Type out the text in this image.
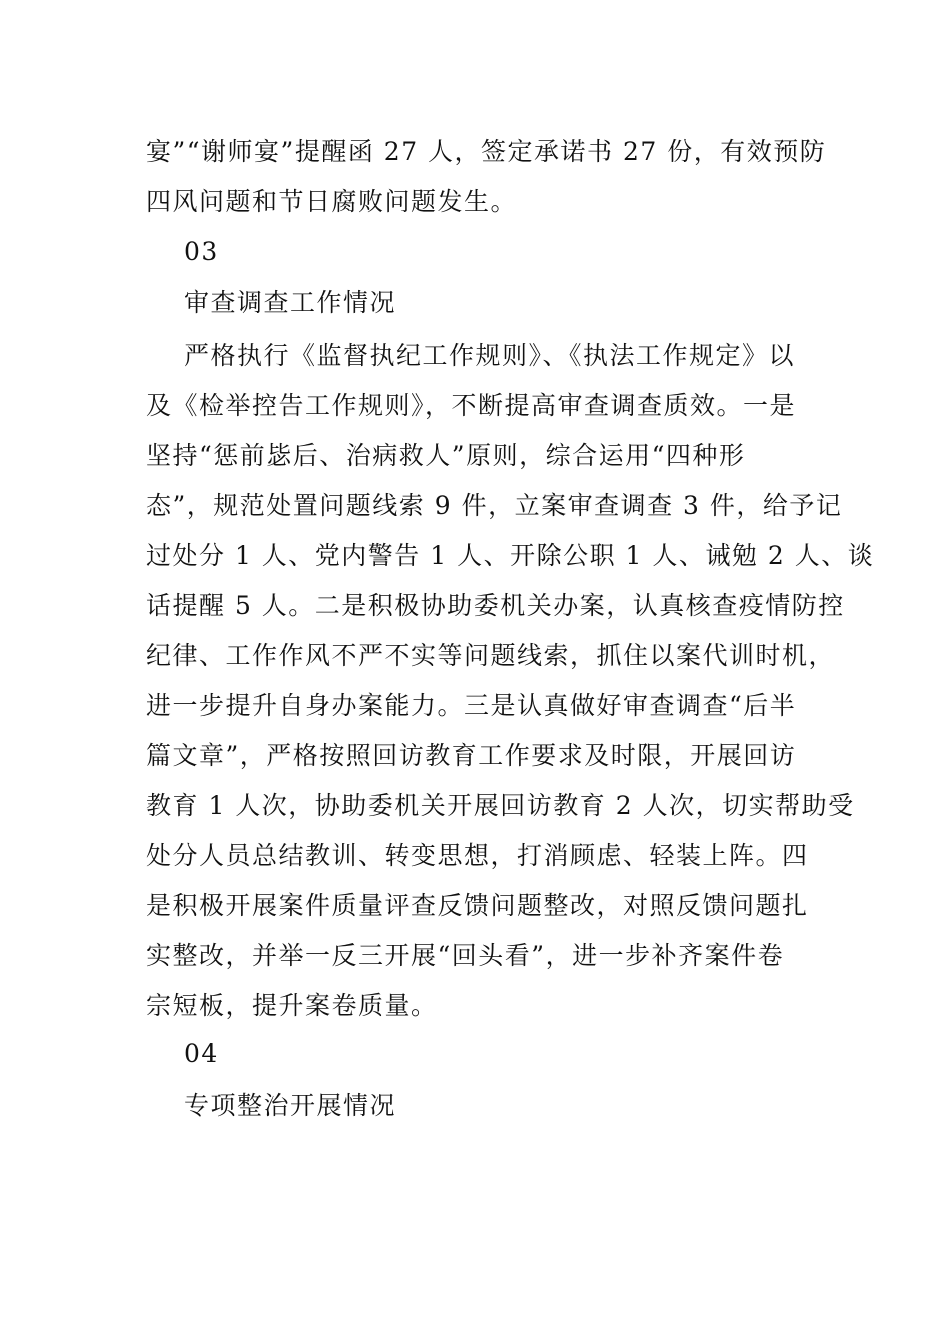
宴”“谢师宴”提醒函 27 人，签定承诺书 27 份，有效预防
四风问题和节日腐败问题发生。
03
审查调查工作情况
严格执行《监督执纪工作规则》、《执法工作规定》以
及《检举控告工作规则》，不断提高审查调查质效。一是
坚持“惩前毖后、治病救人”原则，综合运用“四种形
态”，规范处置问题线索 9 件，立案审查调查 3 件，给予记
过处分 1 人、党内警告 1 人、开除公职 1 人、诫勉 2 人、谈
话提醒 5 人。二是积极协助委机关办案，认真核查疫情防控
纪律、工作作风不严不实等问题线索，抓住以案代训时机，
进一步提升自身办案能力。三是认真做好审查调查“后半
篇文章”，严格按照回访教育工作要求及时限，开展回访
教育 1 人次，协助委机关开展回访教育 2 人次，切实帮助受
处分人员总结教训、转变思想，打消顾虑、轻装上阵。四
是积极开展案件质量评查反馈问题整改，对照反馈问题扎
实整改，并举一反三开展“回头看”，进一步补齐案件卷
宗短板，提升案卷质量。
04
专项整治开展情况
